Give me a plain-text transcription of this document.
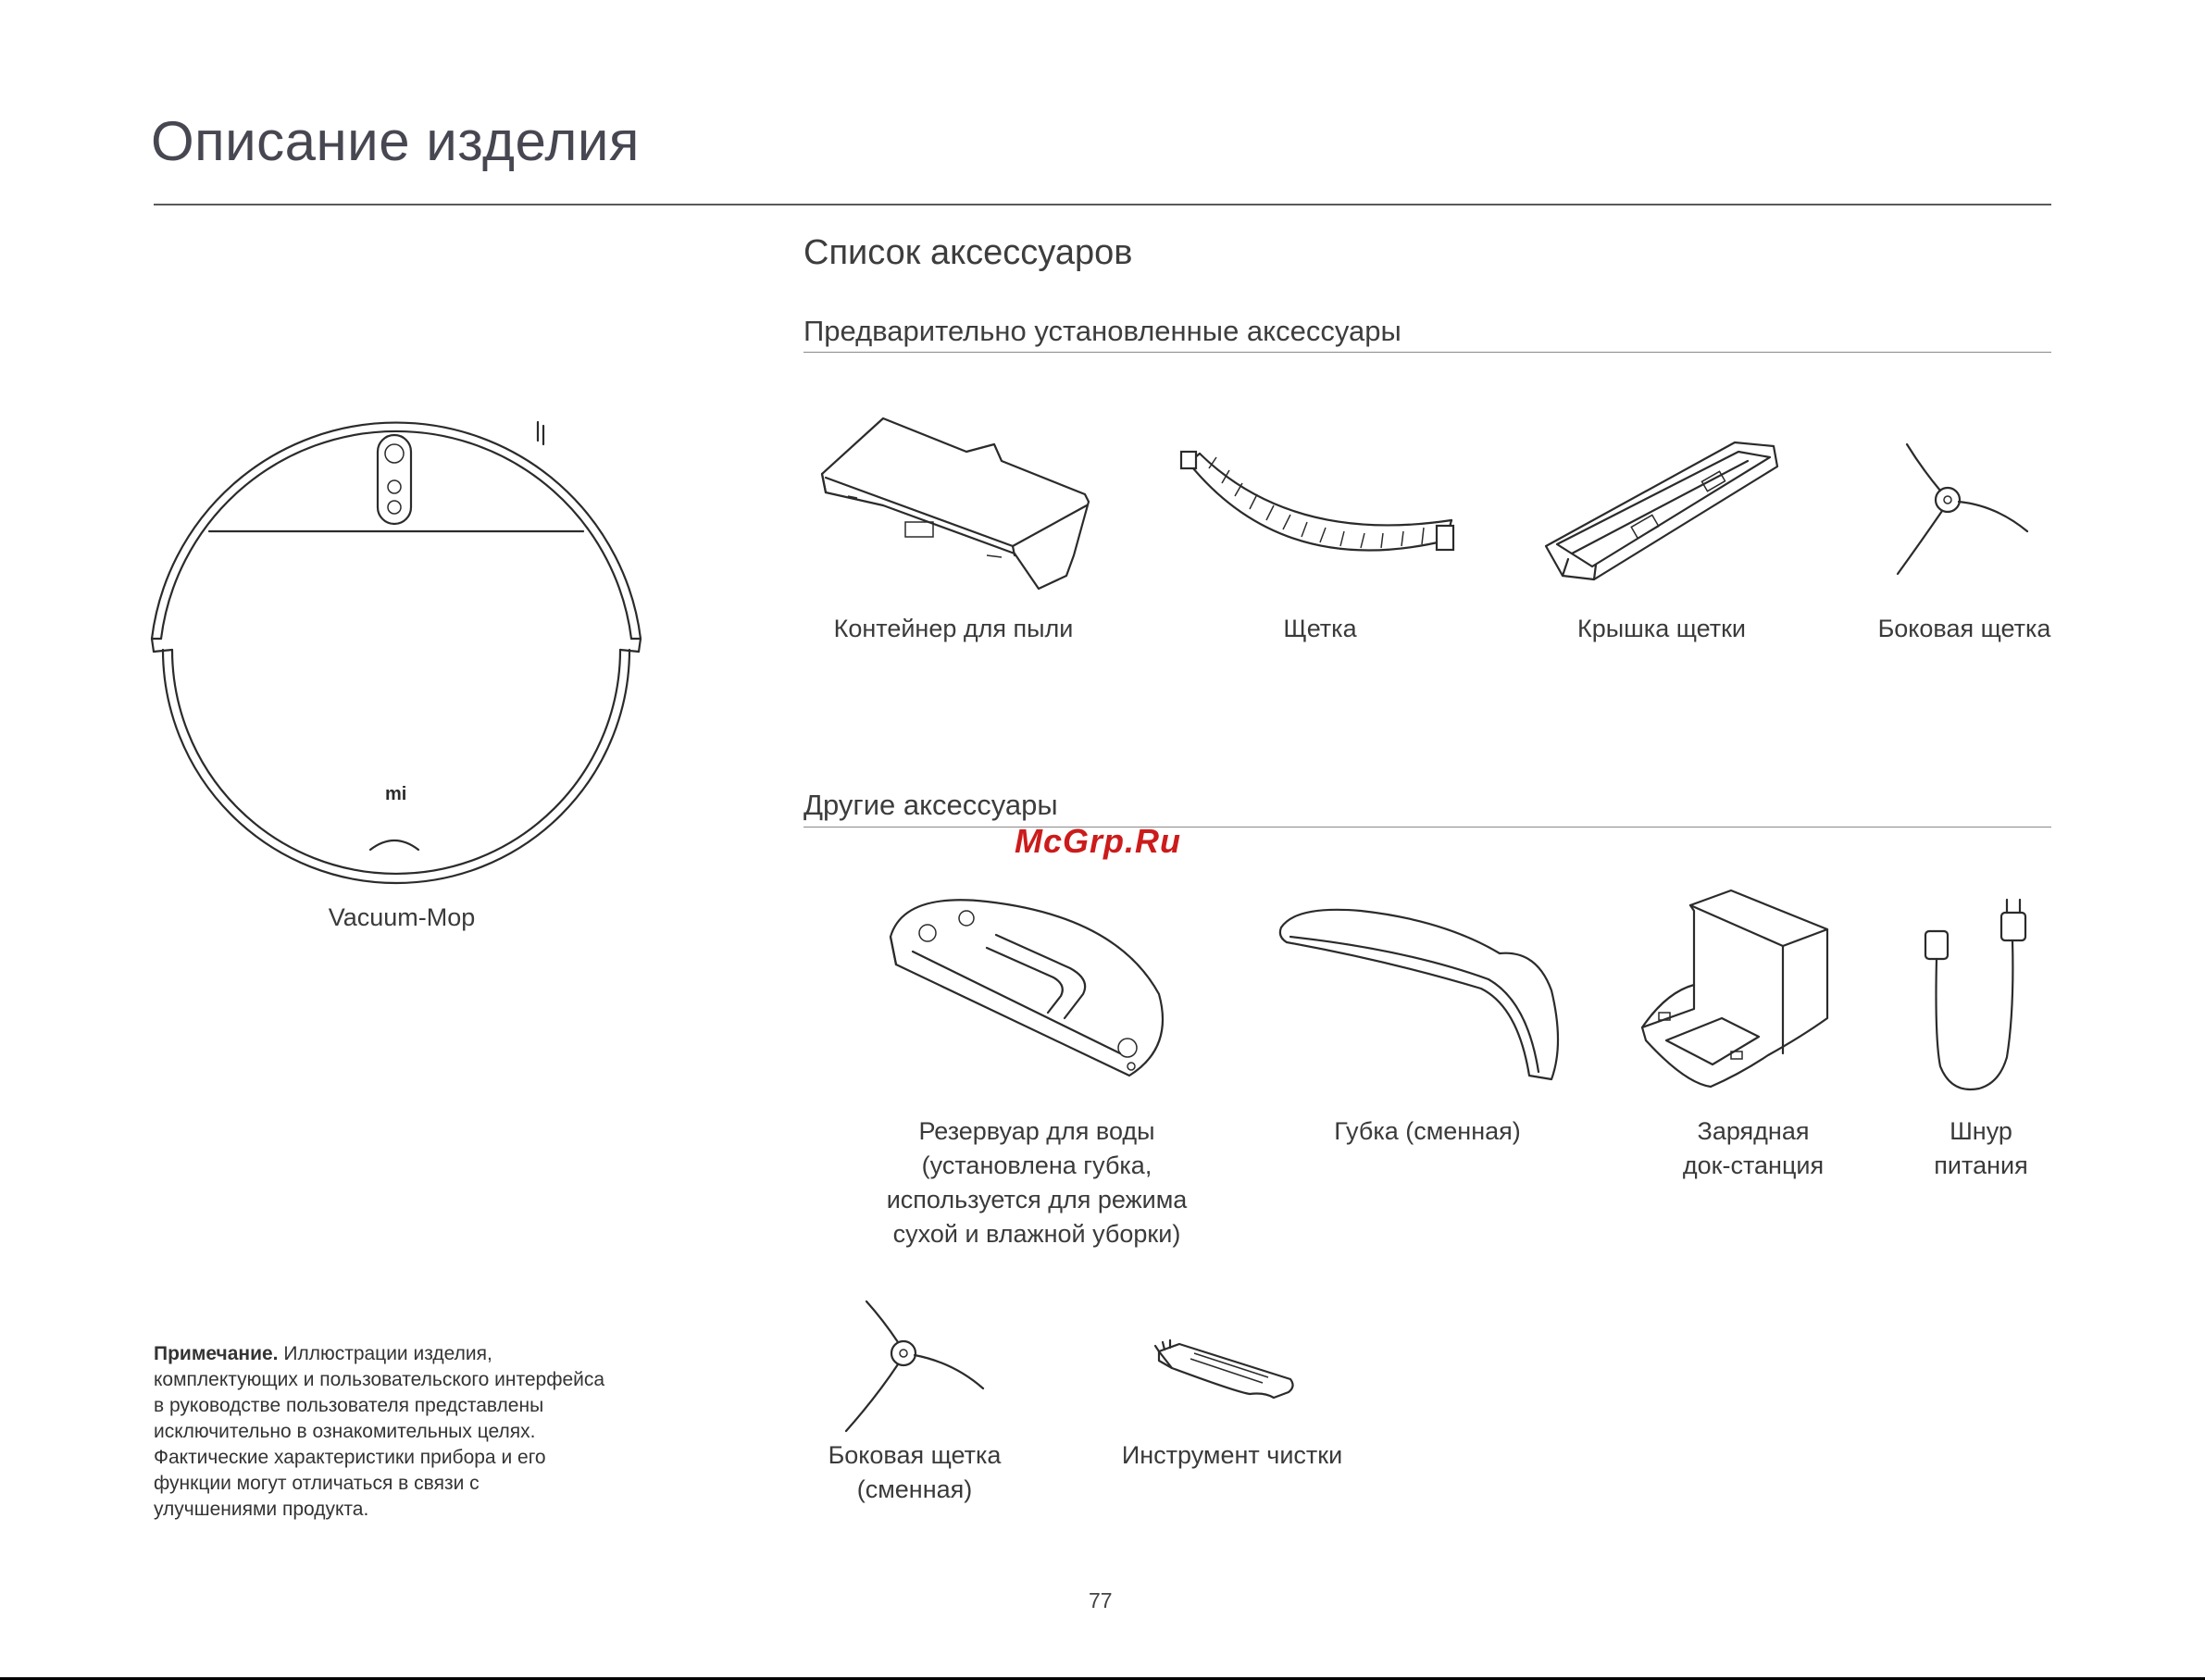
Описание изделия
mi
Vacuum-Mop
Список аксессуаров
Предварительно установленные аксессуары
Контейнер для пыли	Щетка	Крышка щетки	Боковая щетка
Другие аксессуары
McGrp.Ru
Резервуар для воды
(установлена губка,
используется для режима
сухой и влажной уборки)
Губка (сменная)	Зарядная
док-станция
Шнур
питания
Боковая щетка
(сменная)
Инструмент чистки
Примечание. Иллюстрации изделия, комплектующих и пользовательского интерфейса в руководстве пользователя представлены исключительно в ознакомительных целях. Фактические характеристики прибора и его функции могут отличаться в связи с улучшениями продукта.
77
